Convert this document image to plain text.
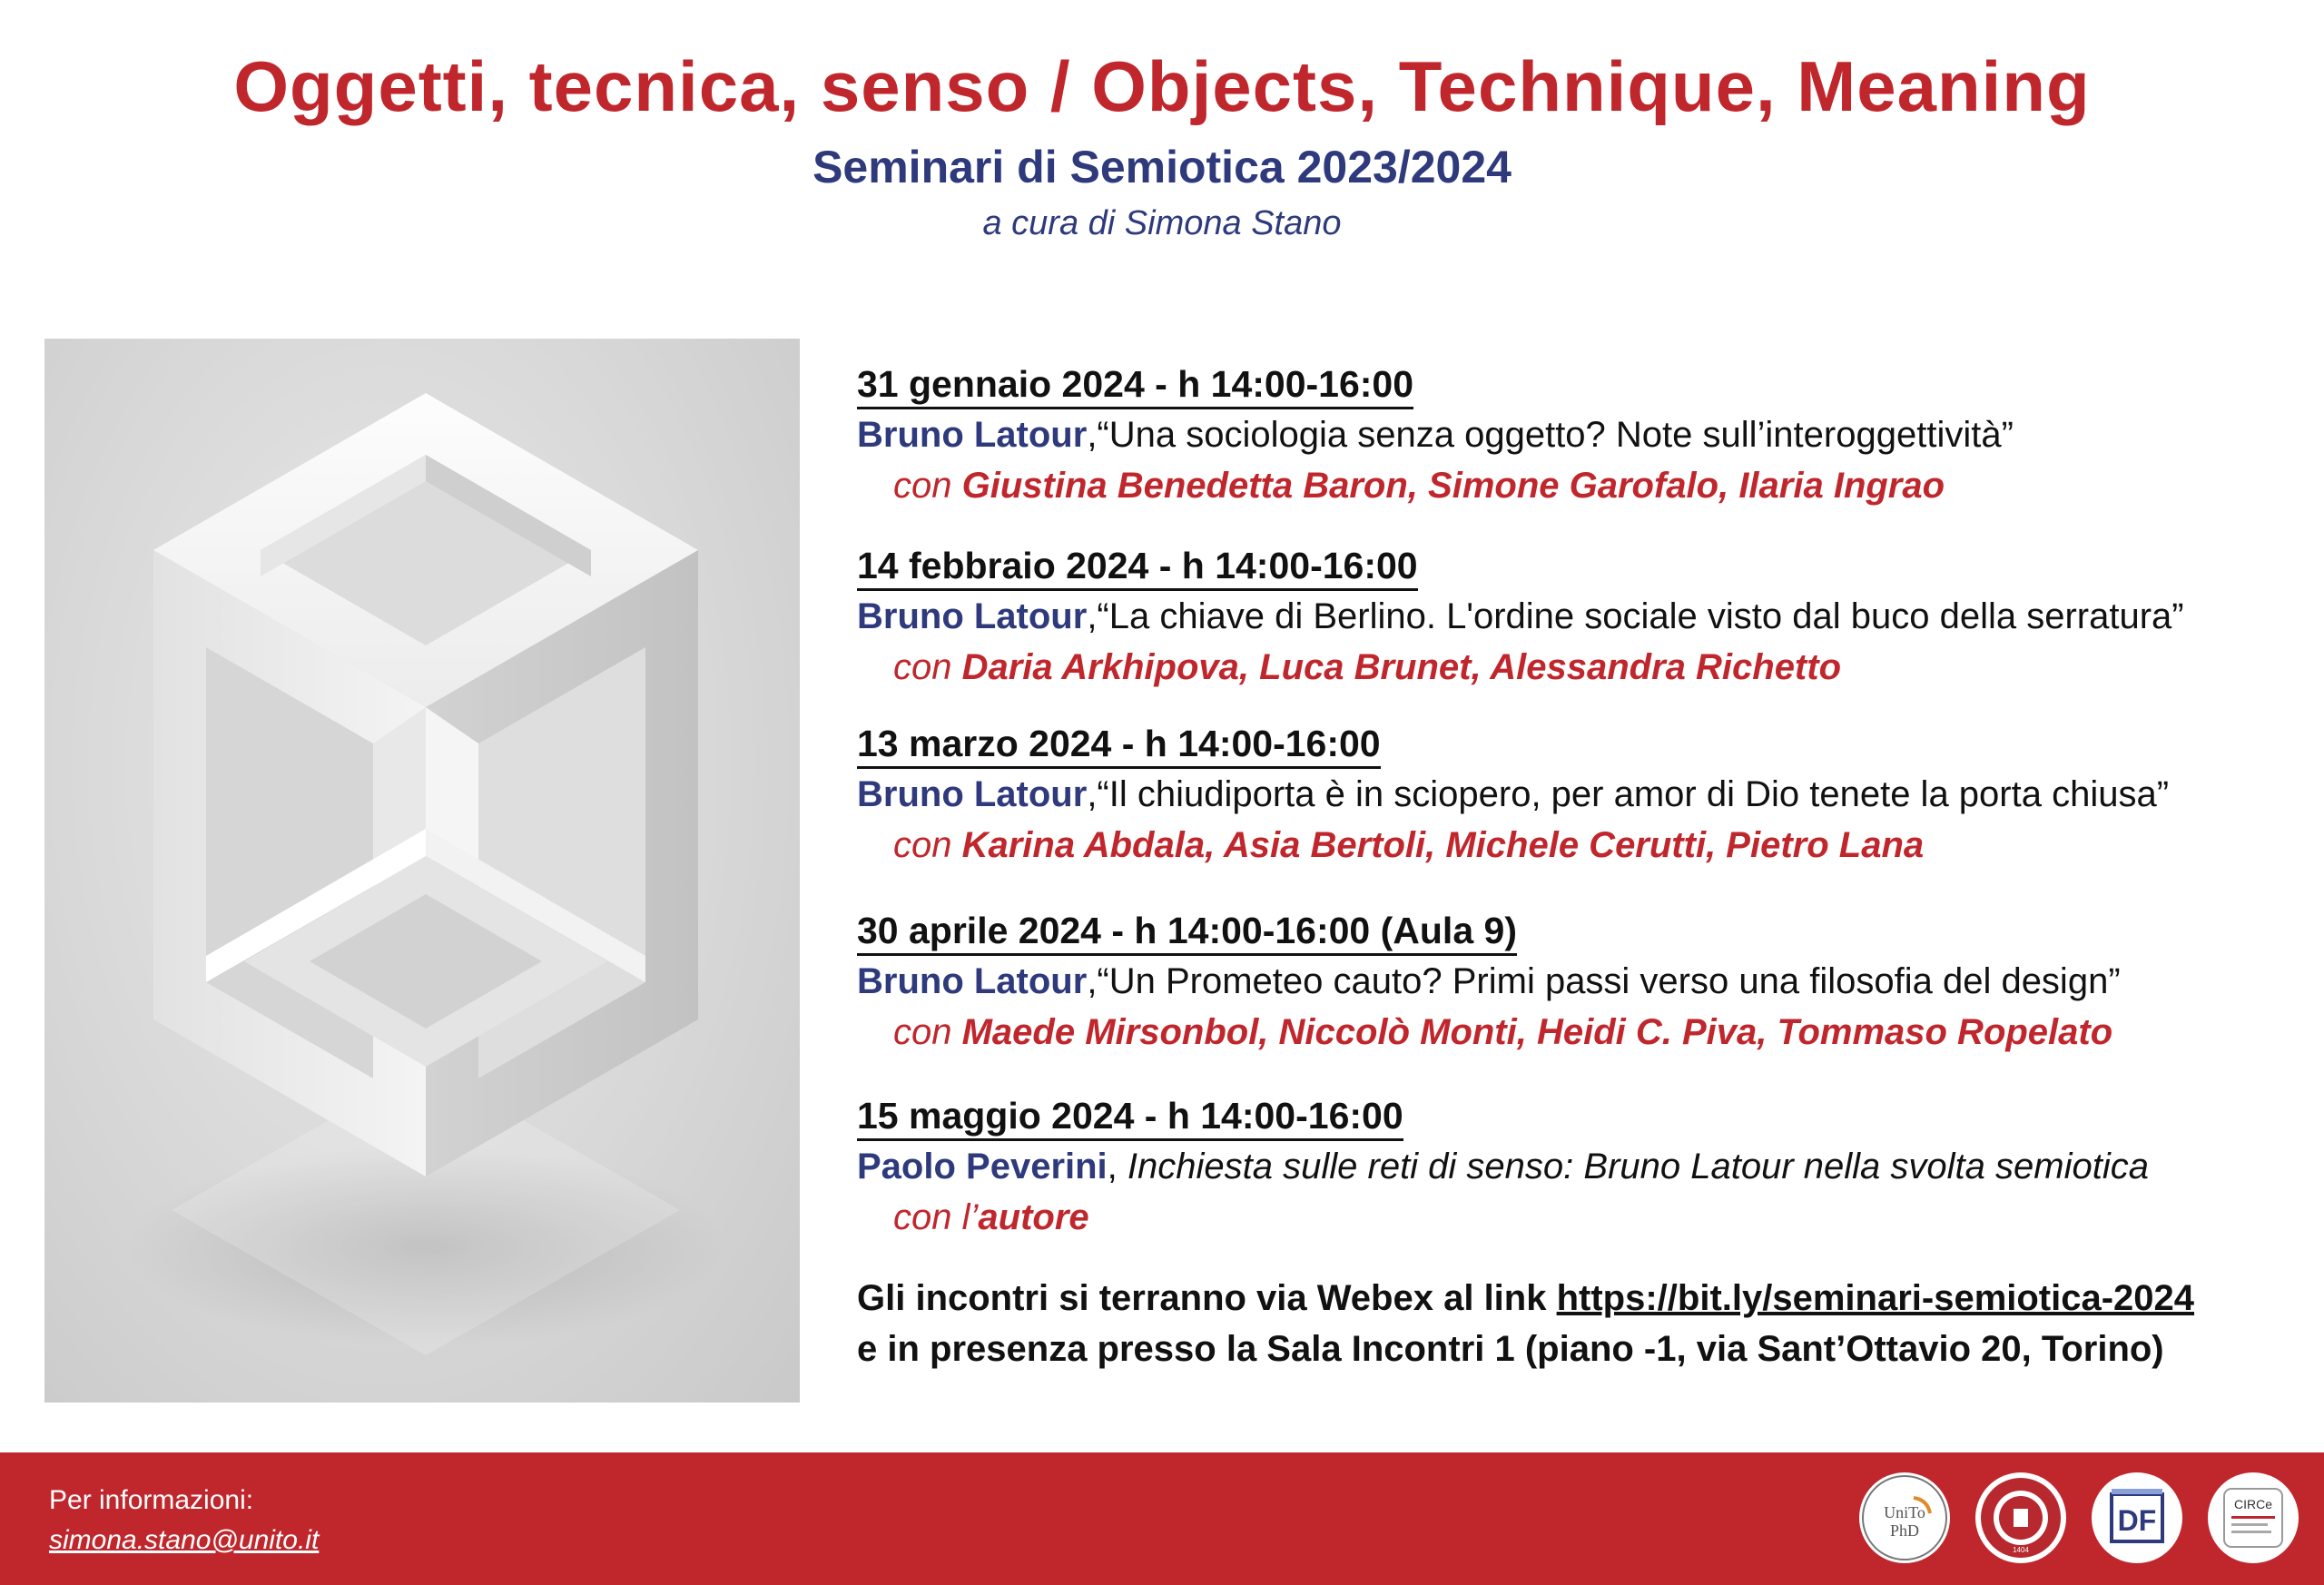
Oggetti, tecnica, senso / Objects, Technique, Meaning
Seminari di Semiotica 2023/2024
a cura di Simona Stano
31 gennaio 2024 - h 14:00-16:00
Bruno Latour,“Una sociologia senza oggetto? Note sull’interoggettività”
con Giustina Benedetta Baron, Simone Garofalo, Ilaria Ingrao
14 febbraio 2024 - h 14:00-16:00
Bruno Latour,“La chiave di Berlino. L'ordine sociale visto dal buco della serratura”
con Daria Arkhipova, Luca Brunet, Alessandra Richetto
13 marzo 2024 - h 14:00-16:00
Bruno Latour,“Il chiudiporta è in sciopero, per amor di Dio tenete la porta chiusa”
con Karina Abdala, Asia Bertoli, Michele Cerutti, Pietro Lana
30 aprile 2024 - h 14:00-16:00 (Aula 9)
Bruno Latour,“Un Prometeo cauto? Primi passi verso una filosofia del design”
con Maede Mirsonbol, Niccolò Monti, Heidi C. Piva, Tommaso Ropelato
15 maggio 2024 - h 14:00-16:00
Paolo Peverini, Inchiesta sulle reti di senso: Bruno Latour nella svolta semiotica
con l’autore
Gli incontri si terranno via Webex al link https://bit.ly/seminari-semiotica-2024
e in presenza presso la Sala Incontri 1 (piano -1, via Sant’Ottavio 20, Torino)
Per informazioni:
simona.stano@unito.it
UniTo
PhD
1404
DF	CIRCe
